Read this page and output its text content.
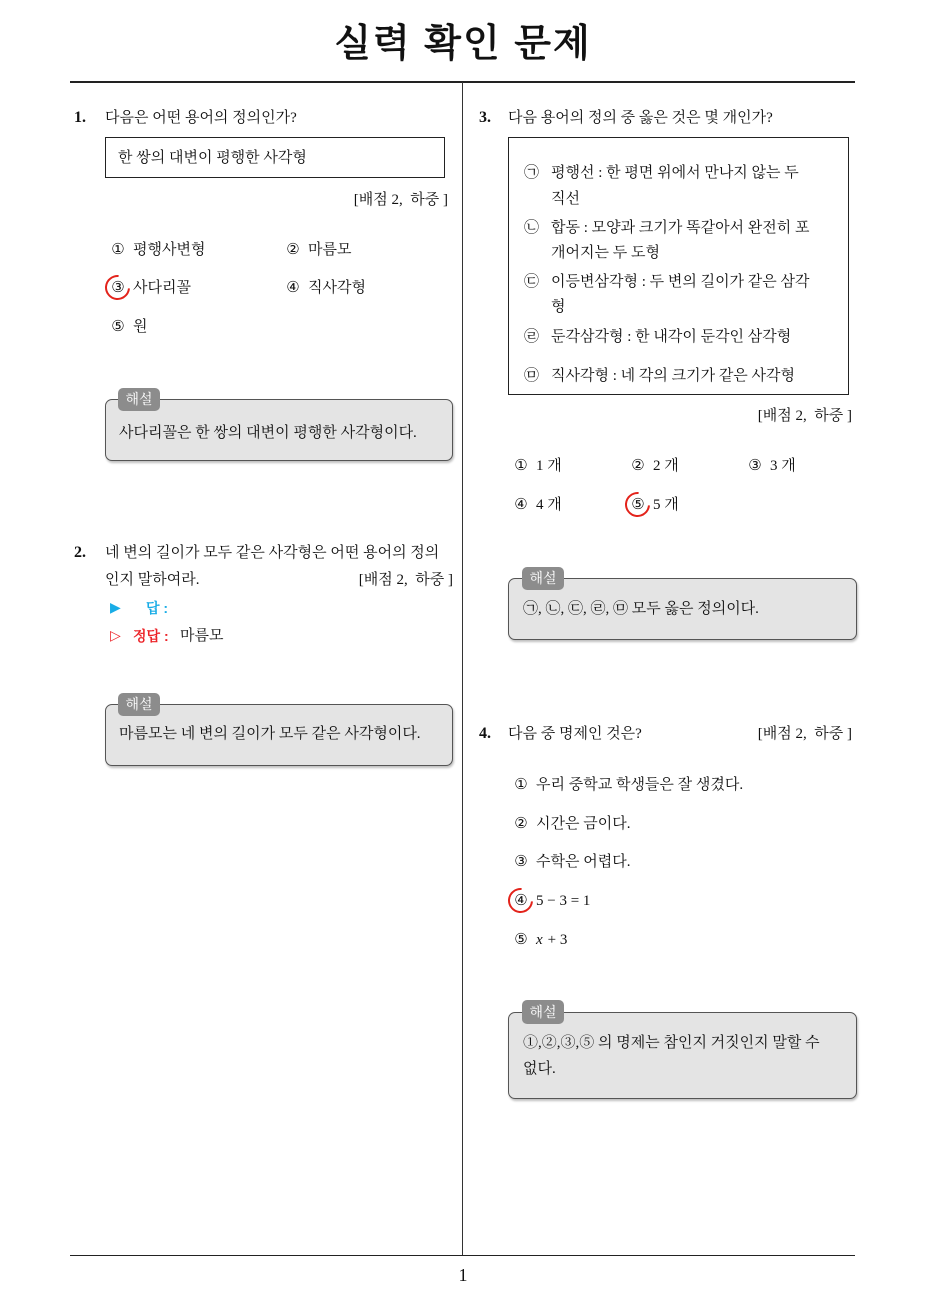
실력 확인 문제
1
1. 다음은 어떤 용어의 정의인가?
한 쌍의 대변이 평행한 사각형
[배점 2,  하중 ]
① 평행사변형	② 마름모
③ 사다리꼴	④ 직사각형
⑤ 원
해설
사다리꼴은 한 쌍의 대변이 평행한 사각형이다.
2. 네 변의 길이가 모두 같은 사각형은 어떤 용어의 정의
인지 말하여라.	[배점 2,  하중 ]
▶ 답 :
▷ 정답 : 마름모
해설
마름모는 네 변의 길이가 모두 같은 사각형이다.
3. 다음 용어의 정의 중 옳은 것은 몇 개인가?
㉠ 평행선 : 한 평면 위에서 만나지 않는 두
직선
㉡ 합동 : 모양과 크기가 똑같아서 완전히 포
개어지는 두 도형
㉢ 이등변삼각형 : 두 변의 길이가 같은 삼각
형
㉣ 둔각삼각형 : 한 내각이 둔각인 삼각형
㉤ 직사각형 : 네 각의 크기가 같은 사각형
[배점 2,  하중 ]
① 1 개	② 2 개	③ 3 개
④ 4 개	⑤ 5 개
해설
㉠, ㉡, ㉢, ㉣, ㉤ 모두 옳은 정의이다.
4. 다음 중 명제인 것은?	[배점 2,  하중 ]
① 우리 중학교 학생들은 잘 생겼다.
② 시간은 금이다.
③ 수학은 어렵다.
④ 5 − 3 = 1
⑤ x + 3
해설
①,②,③,⑤ 의 명제는 참인지 거짓인지 말할 수
없다.
